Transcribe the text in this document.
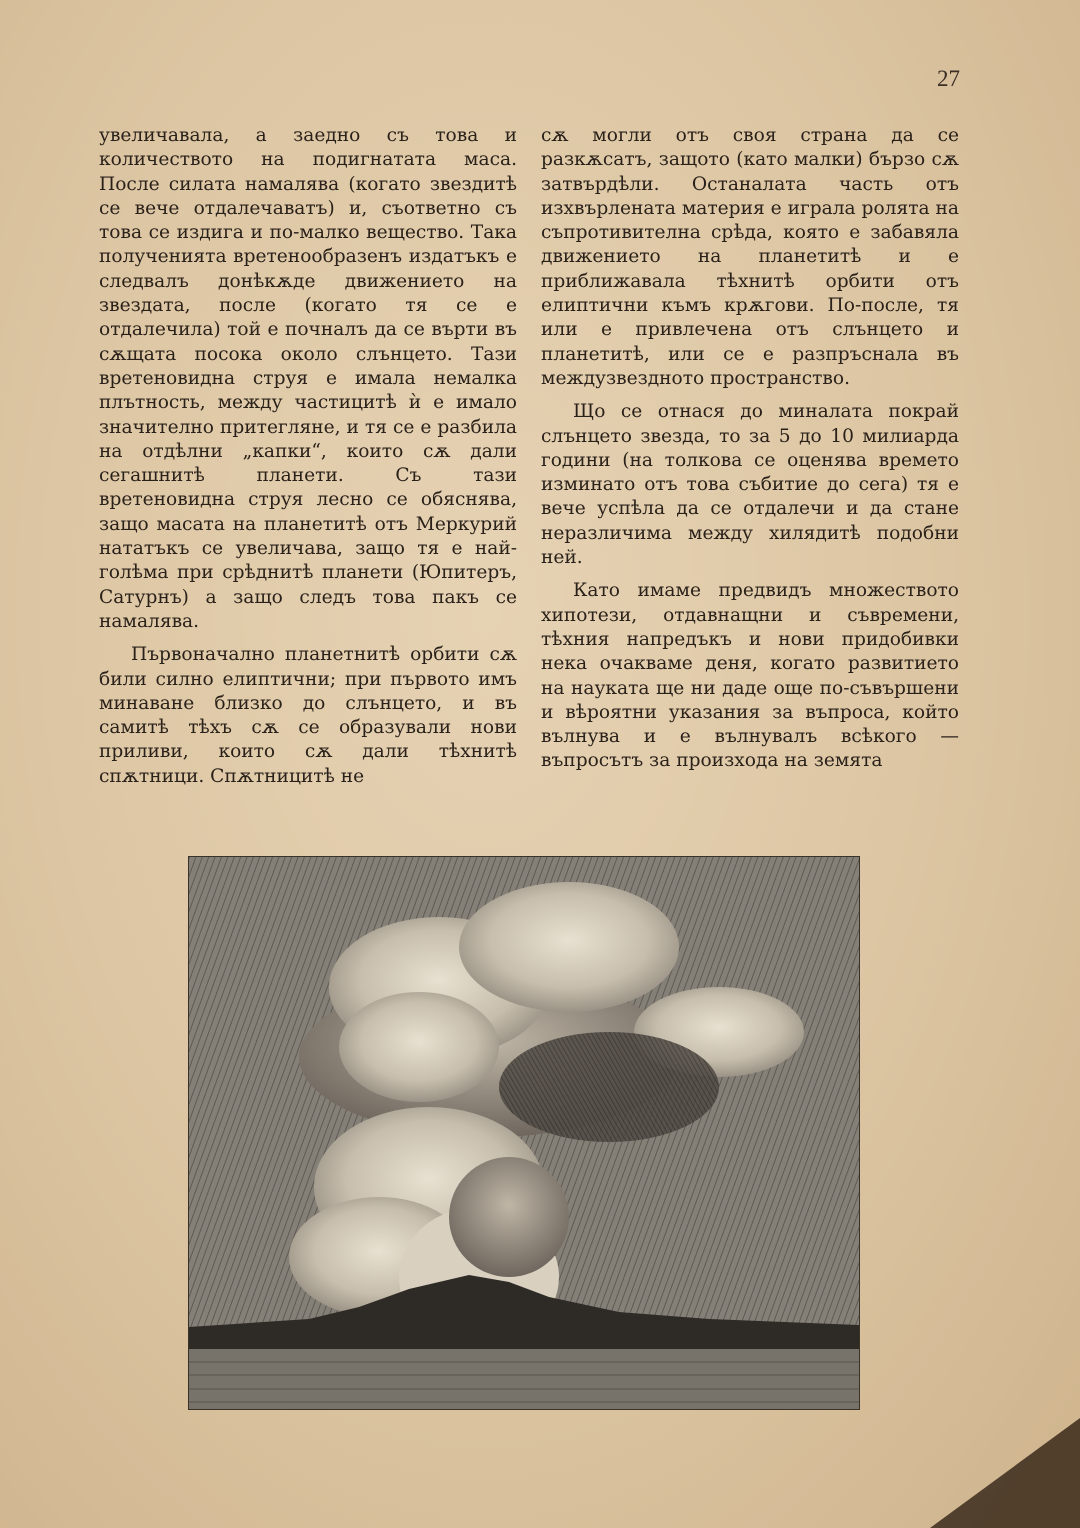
27

увеличавала, а заедно съ това и количеството на подигнатата маса. После силата намалява (когато звездитѣ се вече отдалечаватъ) и, съответно съ това се издига и по-малко вещество. Така полученията вретенообразенъ издатъкъ е следвалъ донѣкѫде движението на звездата, после (когато тя се е отдалечила) той е почналъ да се върти въ сѫщата посока около слънцето. Тази вретеновидна струя е имала немалка плътность, между частицитѣ ѝ е имало значително притегляне, и тя се е разбила на отдѣлни „капки“, които сѫ дали сегашнитѣ планети. Съ тази вретеновидна струя лесно се обяснява, защо масата на планетитѣ отъ Меркурий нататъкъ се увеличава, защо тя е най-голѣма при срѣднитѣ планети (Юпитеръ, Сатурнъ) а защо следъ това пакъ се намалява.

Първоначално планетнитѣ орбити сѫ били силно елиптични; при първото имъ минаване близко до слънцето, и въ самитѣ тѣхъ сѫ се образували нови приливи, които сѫ дали тѣхнитѣ спѫтници. Спѫтницитѣ не

сѫ могли отъ своя страна да се разкѫсатъ, защото (като малки) бързо сѫ затвърдѣли. Останалата часть отъ изхвърлената материя е играла ролята на съпротивителна срѣда, която е забавяла движението на планетитѣ и е приближавала тѣхнитѣ орбити отъ елиптични къмъ крѫгови. По-после, тя или е привлечена отъ слънцето и планетитѣ, или се е разпръснала въ междузвездното пространство.

Що се отнася до миналата покрай слънцето звезда, то за 5 до 10 милиарда години (на толкова се оценява времето изминато отъ това събитие до сега) тя е вече успѣла да се отдалечи и да стане неразличима между хилядитѣ подобни ней.

Като имаме предвидъ множеството хипотези, отдавнащни и съвремени, тѣхния напредъкъ и нови придобивки нека очакваме деня, когато развитието на науката ще ни даде още по-съвършени и вѣроятни указания за въпроса, който вълнува и е вълнувалъ всѣкого — въпросътъ за произхода на земята
